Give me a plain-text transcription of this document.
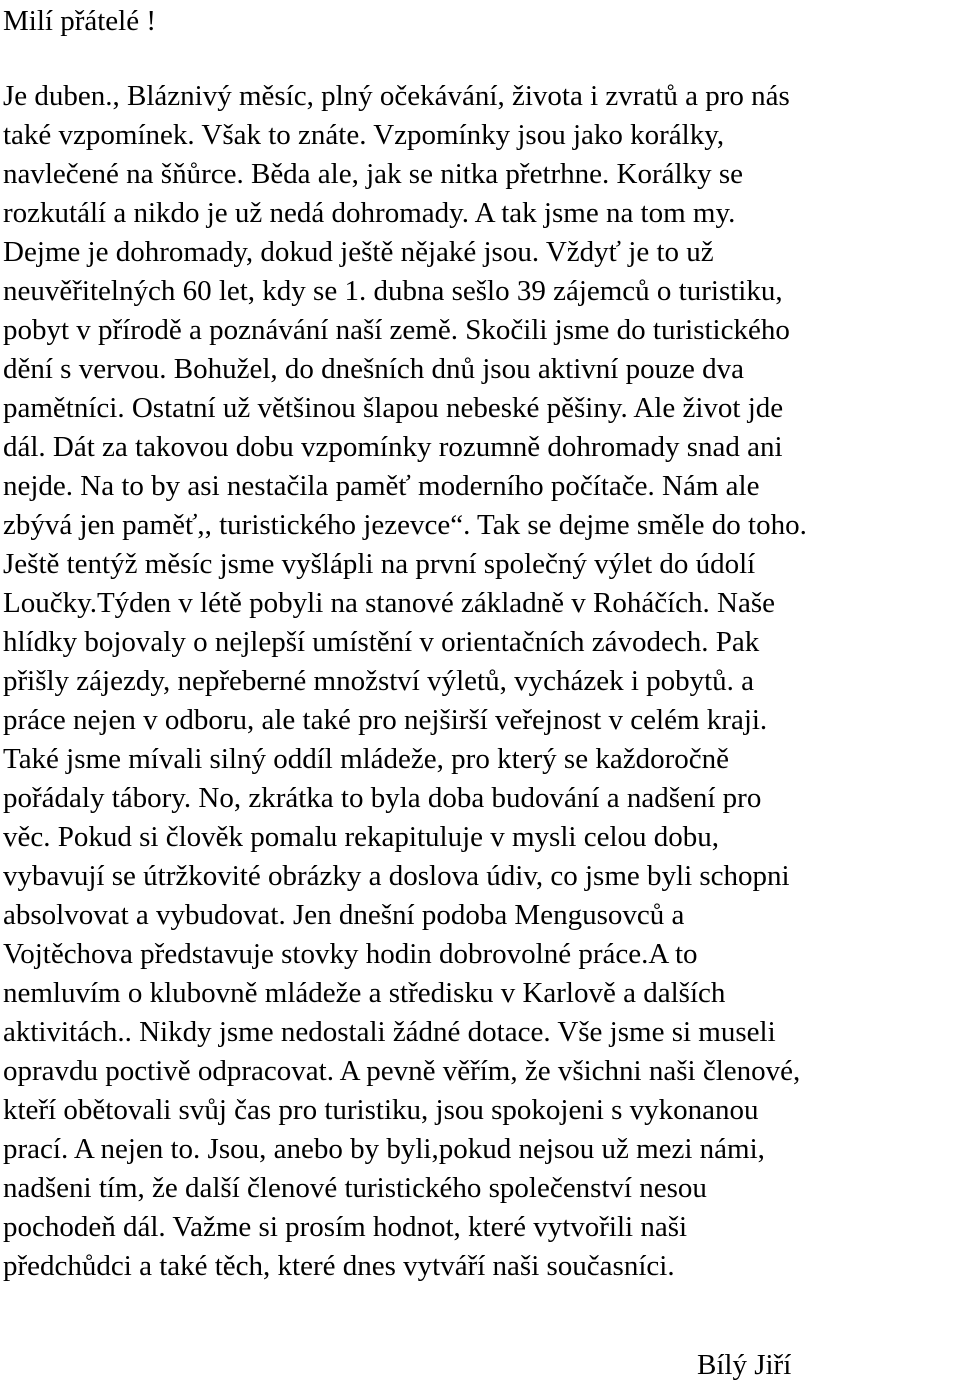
Milí přátelé !
Je duben., Bláznivý měsíc, plný očekávání, života i zvratů a pro nás
také vzpomínek. Však to znáte. Vzpomínky jsou jako korálky,
navlečené na šňůrce. Běda ale, jak se nitka přetrhne. Korálky se
rozkutálí a nikdo je už nedá dohromady. A tak jsme na tom my.
Dejme je dohromady, dokud ještě nějaké jsou. Vždyť je to už
neuvěřitelných 60 let, kdy se 1. dubna sešlo 39 zájemců o turistiku,
pobyt v přírodě a poznávání naší země. Skočili jsme do turistického
dění s vervou. Bohužel, do dnešních dnů jsou aktivní pouze dva
pamětníci. Ostatní už většinou šlapou nebeské pěšiny. Ale život jde
dál. Dát za takovou dobu vzpomínky rozumně dohromady snad ani
nejde. Na to by asi nestačila paměť moderního počítače. Nám ale
zbývá jen paměť,, turistického jezevce“. Tak se dejme směle do toho.
Ještě tentýž měsíc jsme vyšlápli na první společný výlet do údolí
Loučky.Týden v létě pobyli na stanové základně v Roháčích. Naše
hlídky bojovaly o nejlepší umístění v orientačních závodech. Pak
přišly zájezdy, nepřeberné množství výletů, vycházek i pobytů. a
práce nejen v odboru, ale také pro nejširší veřejnost v celém kraji.
Také jsme mívali silný oddíl mládeže, pro který se každoročně
pořádaly tábory. No, zkrátka to byla doba budování a nadšení pro
věc. Pokud si člověk pomalu rekapituluje v mysli celou dobu,
vybavují se útržkovité obrázky a doslova údiv, co jsme byli schopni
absolvovat a vybudovat. Jen dnešní podoba Mengusovců a
Vojtěchova představuje stovky hodin dobrovolné práce.A to
nemluvím o klubovně mládeže a středisku v Karlově a dalších
aktivitách.. Nikdy jsme nedostali žádné dotace. Vše jsme si museli
opravdu poctivě odpracovat. A pevně věřím, že všichni naši členové,
kteří obětovali svůj čas pro turistiku, jsou spokojeni s vykonanou
prací. A nejen to. Jsou, anebo by byli,pokud nejsou už mezi námi,
nadšeni tím, že další členové turistického společenství nesou
pochodeň dál. Važme si prosím hodnot, které vytvořili naši
předchůdci a také těch, které dnes vytváří naši současníci.
Bílý Jiří
